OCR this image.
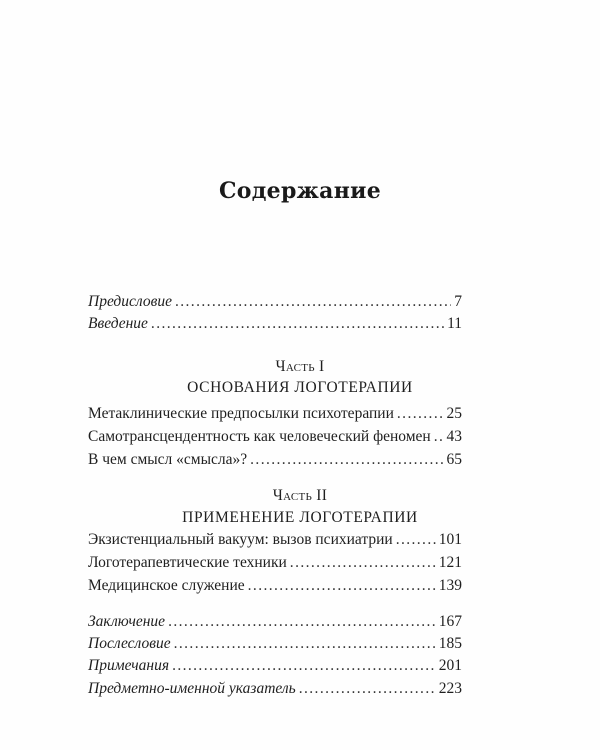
Содержание
Предисловие .....	7
Введение .....	11
Часть I
ОСНОВАНИЯ ЛОГОТЕРАПИИ
Метаклинические предпосылки психотерапии .....	25
Самотрансцендентность как человеческий феномен ..... 43
В чем смысл «смысла»? .....	65
Часть II
ПРИМЕНЕНИЕ ЛОГОТЕРАПИИ
Экзистенциальный вакуум: вызов психиатрии .....	101
Логотерапевтические техники .....	121
Медицинское служение .....	139
Заключение .....	167
Послесловие .....	185
Примечания .....	201
Предметно-именной указатель .....	223
